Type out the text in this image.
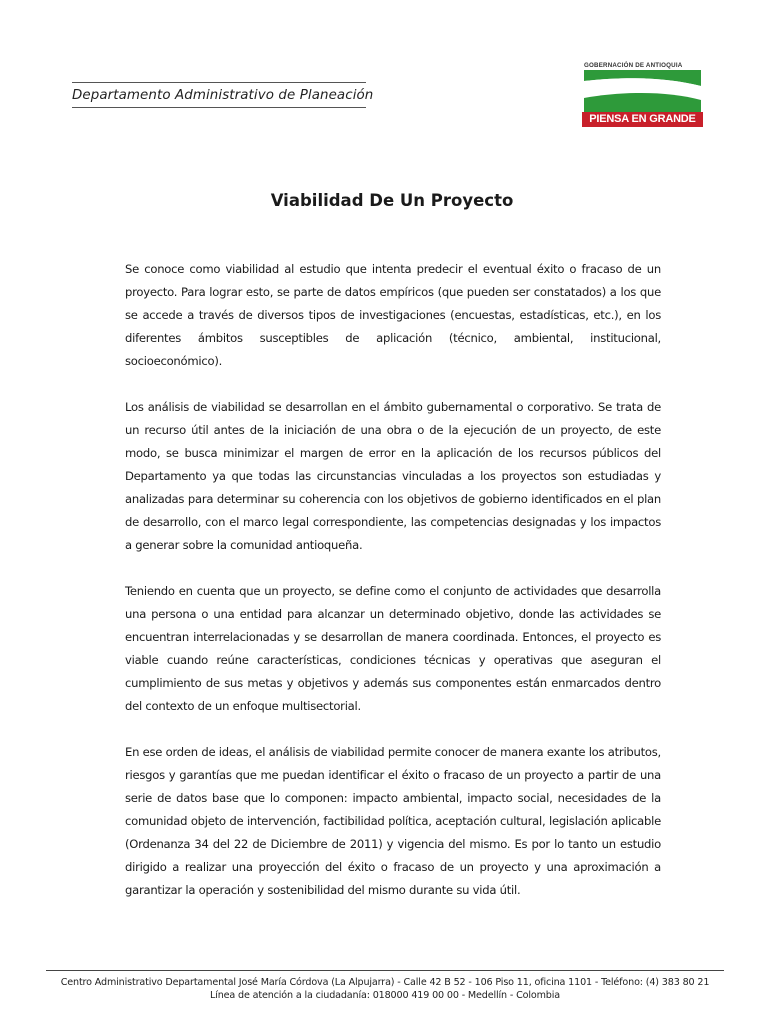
Departamento Administrativo de Planeación
GOBERNACIÓN DE ANTIOQUIA
PIENSA EN GRANDE
Viabilidad De Un Proyecto

Se conoce como viabilidad al estudio que intenta predecir el eventual éxito o fracaso de un proyecto. Para lograr esto, se parte de datos empíricos (que pueden ser constatados) a los que se accede a través de diversos tipos de investigaciones (encuestas, estadísticas, etc.), en los diferentes ámbitos susceptibles de aplicación (técnico, ambiental, institucional, socioeconómico).

Los análisis de viabilidad se desarrollan en el ámbito gubernamental o corporativo. Se trata de un recurso útil antes de la iniciación de una obra o de la ejecución de un proyecto, de este modo, se busca minimizar el margen de error en la aplicación de los recursos públicos del Departamento ya que todas las circunstancias vinculadas a los proyectos son estudiadas y analizadas para determinar su coherencia con los objetivos de gobierno identificados en el plan de desarrollo, con el marco legal correspondiente, las competencias designadas y los impactos a generar sobre la comunidad antioqueña.

Teniendo en cuenta que un proyecto, se define como el conjunto de actividades que desarrolla una persona o una entidad para alcanzar un determinado objetivo, donde las actividades se encuentran interrelacionadas y se desarrollan de manera coordinada. Entonces, el proyecto es viable cuando reúne características, condiciones técnicas y operativas que aseguran el cumplimiento de sus metas y objetivos y además sus componentes están enmarcados dentro del contexto de un enfoque multisectorial.

En ese orden de ideas, el análisis de viabilidad permite conocer de manera exante los atributos, riesgos y garantías que me puedan identificar el éxito o fracaso de un proyecto a partir de una serie de datos base que lo componen: impacto ambiental, impacto social, necesidades de la comunidad objeto de intervención, factibilidad política, aceptación cultural, legislación aplicable (Ordenanza 34 del 22 de Diciembre de 2011) y vigencia del mismo. Es por lo tanto un estudio dirigido a realizar una proyección del éxito o fracaso de un proyecto y una aproximación a garantizar la operación y sostenibilidad del mismo durante su vida útil.

Centro Administrativo Departamental José María Córdova (La Alpujarra) - Calle 42 B 52 - 106 Piso 11, oficina 1101 - Teléfono: (4) 383 80 21
Línea de atención a la ciudadanía: 018000 419 00 00 - Medellín - Colombia
